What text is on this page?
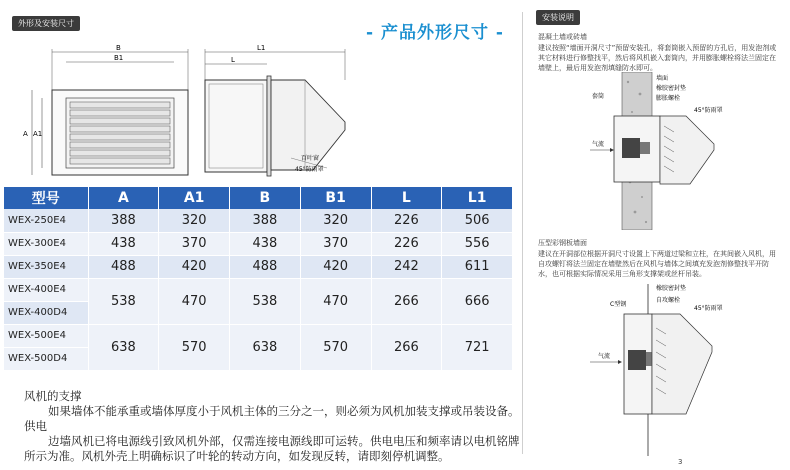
外形及安装尺寸	- 产品外形尺寸 -
安装说明
B
B1
A A1
L1
L
百叶窗
45°防雨罩
型号	A	A1	B	B1	L	L1
WEX-250E4	388	320	388	320	226	506
WEX-300E4	438	370	438	370	226	556
WEX-350E4	488	420	488	420	242	611
WEX-400E4	538	470	538	470	266	666
WEX-400D4						
WEX-500E4	638	570	638	570	266	721
WEX-500D4						
风机的支撑
如果墙体不能承重或墙体厚度小于风机主体的三分之一，则必须为风机加装支撑或吊装设备。
供电
边墙风机已将电源线引致风机外部，仅需连接电源线即可运转。供电电压和频率请以电机铭牌
所示为准。风机外壳上明确标识了叶轮的转动方向，如发现反转，请即刻停机调整。
混凝土墙或砖墙
建议按照“墙面开洞尺寸”预留安装孔，将套筒嵌入预留的方孔后，用发泡剂或其它材料进行修整找平，然后将风机嵌入套筒内，并用膨胀螺栓将法兰固定在墙壁上，最后用发泡剂填缝防水即可。
气流
墙面
套筒
橡胶密封垫
膨胀螺栓
45°防雨罩
压型彩钢板墙面
建议在开洞部位根据开洞尺寸设置上下两道过梁和立柱，在其间嵌入风机，用自攻螺钉将法兰固定在墙壁然后在风机与墙体之间填充发泡剂修整找平开防水，也可根据实际情况采用三角形支撑架或丝杆吊装。
气流
橡胶密封垫
C型钢
自攻螺栓
45°防雨罩
3
